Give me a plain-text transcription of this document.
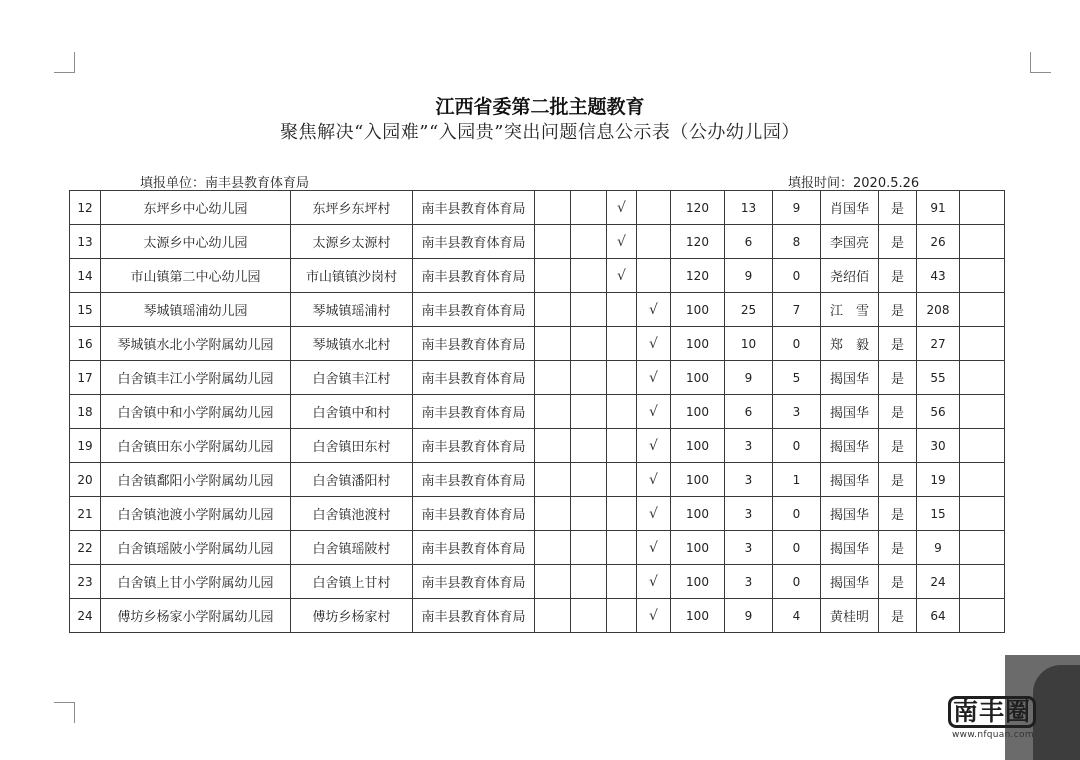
江西省委第二批主题教育
聚焦解决“入园难”“入园贵”突出问题信息公示表（公办幼儿园）
填报单位：南丰县教育体育局	填报时间：2020.5.26
12	东坪乡中心幼儿园	东坪乡东坪村	南丰县教育体育局			√		120	13	9	肖国华	是	91	
13	太源乡中心幼儿园	太源乡太源村	南丰县教育体育局			√		120	6	8	李国亮	是	26	
14	市山镇第二中心幼儿园	市山镇镇沙岗村	南丰县教育体育局			√		120	9	0	尧绍佰	是	43	
15	琴城镇瑶浦幼儿园	琴城镇瑶浦村	南丰县教育体育局				√	100	25	7	江　雪	是	208	
16	琴城镇水北小学附属幼儿园	琴城镇水北村	南丰县教育体育局				√	100	10	0	郑　毅	是	27	
17	白舍镇丰江小学附属幼儿园	白舍镇丰江村	南丰县教育体育局				√	100	9	5	揭国华	是	55	
18	白舍镇中和小学附属幼儿园	白舍镇中和村	南丰县教育体育局				√	100	6	3	揭国华	是	56	
19	白舍镇田东小学附属幼儿园	白舍镇田东村	南丰县教育体育局				√	100	3	0	揭国华	是	30	
20	白舍镇鄱阳小学附属幼儿园	白舍镇潘阳村	南丰县教育体育局				√	100	3	1	揭国华	是	19	
21	白舍镇池渡小学附属幼儿园	白舍镇池渡村	南丰县教育体育局				√	100	3	0	揭国华	是	15	
22	白舍镇瑶陂小学附属幼儿园	白舍镇瑶陂村	南丰县教育体育局				√	100	3	0	揭国华	是	9	
23	白舍镇上甘小学附属幼儿园	白舍镇上甘村	南丰县教育体育局				√	100	3	0	揭国华	是	24	
24	傅坊乡杨家小学附属幼儿园	傅坊乡杨家村	南丰县教育体育局				√	100	9	4	黄桂明	是	64	
南丰圈
www.nfquan.com
